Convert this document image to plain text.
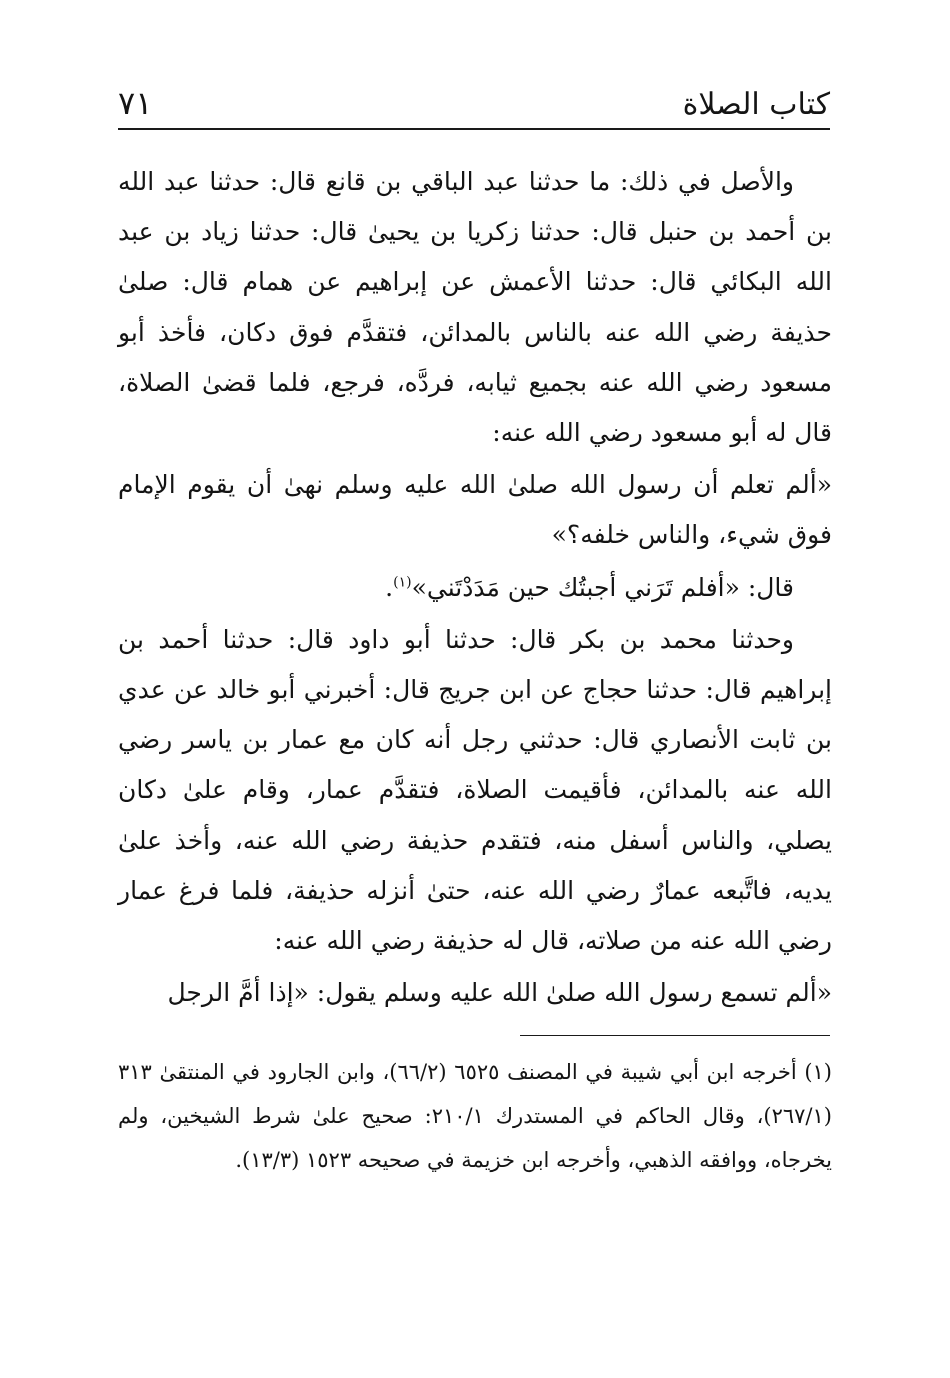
كتاب الصلاة
٧١

والأصل في ذلك: ما حدثنا عبد الباقي بن قانع قال: حدثنا عبد الله بن أحمد بن حنبل قال: حدثنا زكريا بن يحيىٰ قال: حدثنا زياد بن عبد الله البكائي قال: حدثنا الأعمش عن إبراهيم عن همام قال: صلىٰ حذيفة رضي الله عنه بالناس بالمدائن، فتقدَّم فوق دكان، فأخذ أبو مسعود رضي الله عنه بجميع ثيابه، فردَّه، فرجع، فلما قضىٰ الصلاة، قال له أبو مسعود رضي الله عنه:

«ألم تعلم أن رسول الله صلىٰ الله عليه وسلم نهىٰ أن يقوم الإمام فوق شيء، والناس خلفه؟»

قال: «أفلم تَرَني أجبتُك حين مَدَدْتَني»$^{(١)}$.

وحدثنا محمد بن بكر قال: حدثنا أبو داود قال: حدثنا أحمد بن إبراهيم قال: حدثنا حجاج عن ابن جريج قال: أخبرني أبو خالد عن عدي بن ثابت الأنصاري قال: حدثني رجل أنه كان مع عمار بن ياسر رضي الله عنه بالمدائن، فأقيمت الصلاة، فتقدَّم عمار، وقام علىٰ دكان يصلي، والناس أسفل منه، فتقدم حذيفة رضي الله عنه، وأخذ علىٰ يديه، فاتَّبعه عمارٌ رضي الله عنه، حتىٰ أنزله حذيفة، فلما فرغ عمار رضي الله عنه من صلاته، قال له حذيفة رضي الله عنه:

«ألم تسمع رسول الله صلىٰ الله عليه وسلم يقول: «إذا أمَّ الرجل

(١) أخرجه ابن أبي شيبة في المصنف ٦٥٢٥ (٦٦/٢)، وابن الجارود في المنتقىٰ ٣١٣ (٢٦٧/١)، وقال الحاكم في المستدرك ٢١٠/١: صحيح علىٰ شرط الشيخين، ولم يخرجاه، ووافقه الذهبي، وأخرجه ابن خزيمة في صحيحه ١٥٢٣ (١٣/٣).
